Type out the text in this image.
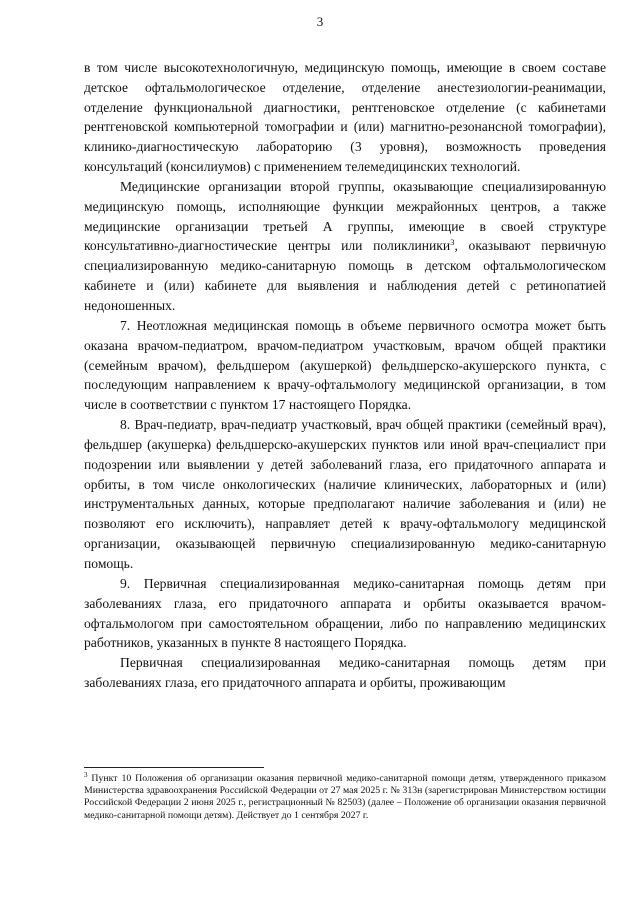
3

в том числе высокотехнологичную, медицинскую помощь, имеющие в своем составе детское офтальмологическое отделение, отделение анестезиологии-реанимации, отделение функциональной диагностики, рентгеновское отделение (с кабинетами рентгеновской компьютерной томографии и (или) магнитно-резонансной томографии), клинико-диагностическую лабораторию (3 уровня), возможность проведения консультаций (консилиумов) с применением телемедицинских технологий.

Медицинские организации второй группы, оказывающие специализированную медицинскую помощь, исполняющие функции межрайонных центров, а также медицинские организации третьей А группы, имеющие в своей структуре консультативно-диагностические центры или поликлиники$^3$, оказывают первичную специализированную медико-санитарную помощь в детском офтальмологическом кабинете и (или) кабинете для выявления и наблюдения детей с ретинопатией недоношенных.

7. Неотложная медицинская помощь в объеме первичного осмотра может быть оказана врачом-педиатром, врачом-педиатром участковым, врачом общей практики (семейным врачом), фельдшером (акушеркой) фельдшерско-акушерского пункта, с последующим направлением к врачу-офтальмологу медицинской организации, в том числе в соответствии с пунктом 17 настоящего Порядка.

8. Врач-педиатр, врач-педиатр участковый, врач общей практики (семейный врач), фельдшер (акушерка) фельдшерско-акушерских пунктов или иной врач-специалист при подозрении или выявлении у детей заболеваний глаза, его придаточного аппарата и орбиты, в том числе онкологических (наличие клинических, лабораторных и (или) инструментальных данных, которые предполагают наличие заболевания и (или) не позволяют его исключить), направляет детей к врачу-офтальмологу медицинской организации, оказывающей первичную специализированную медико-санитарную помощь.

9. Первичная специализированная медико-санитарная помощь детям при заболеваниях глаза, его придаточного аппарата и орбиты оказывается врачом-офтальмологом при самостоятельном обращении, либо по направлению медицинских работников, указанных в пункте 8 настоящего Порядка.

Первичная специализированная медико-санитарная помощь детям при заболеваниях глаза, его придаточного аппарата и орбиты, проживающим

$^3$ Пункт 10 Положения об организации оказания первичной медико-санитарной помощи детям, утвержденного приказом Министерства здравоохранения Российской Федерации от 27 мая 2025 г. № 313н (зарегистрирован Министерством юстиции Российской Федерации 2 июня 2025 г., регистрационный № 82503) (далее – Положение об организации оказания первичной медико-санитарной помощи детям). Действует до 1 сентября 2027 г.
